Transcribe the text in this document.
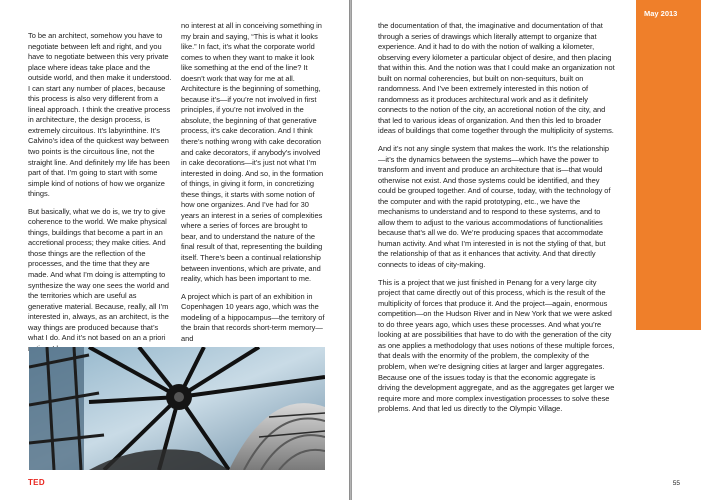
To be an architect, somehow you have to negotiate between left and right, and you have to negotiate between this very private place where ideas take place and the outside world, and then make it understood. I can start any number of places, because this process is also very different from a lineal approach. I think the creative process in architecture, the design process, is extremely circuitous. It’s labyrinthine. It’s Calvino’s idea of the quickest way between two points is the circuitous line, not the straight line. And definitely my life has been part of that. I’m going to start with some simple kind of notions of how we organize things.

But basically, what we do is, we try to give coherence to the world. We make physical things, buildings that become a part in an accretional process; they make cities. And those things are the reflection of the processes, and the time that they are made. And what I’m doing is attempting to synthesize the way one sees the world and the territories which are useful as generative material. Because, really, all I’m interested in, always, as an architect, is the way things are produced because that’s what I do. And it’s not based on an a priori

no interest at all in conceiving something in my brain and saying, “This is what it looks like.” In fact, it’s what the corporate world comes to when they want to make it look like something at the end of the line? It doesn’t work that way for me at all. Architecture is the beginning of something, because it’s—if you’re not involved in first principles, if you’re not involved in the absolute, the beginning of that generative process, it’s cake decoration. And I think there’s nothing wrong with cake decoration and cake decorators, if anybody’s involved in cake decorations—it’s just not what I’m interested in doing. And so, in the formation of things, in giving it form, in concretizing these things, it starts with some notion of how one organizes. And I’ve had for 30 years an interest in a series of complexities where a series of forces are brought to bear, and to understand the nature of the final result of that, representing the building itself. There’s been a continual relationship between inventions, which are private, and reality, which has been important to me.

A project which is part of an exhibition in Copenhagen 10 years ago, which was the modeling of a hippocampus—the territory of the brain that records short-term memory—and

TED

the documentation of that, the imaginative and documentation of that through a series of drawings which literally attempt to organize that experience. And it had to do with the notion of walking a kilometer, observing every kilometer a particular object of desire, and then placing that within this. And the notion was that I could make an organization not built on normal coherencies, but built on non-sequiturs, built on randomness. And I’ve been extremely interested in this notion of randomness as it produces architectural work and as it definitely connects to the notion of the city, an accretional notion of the city, and that led to various ideas of organization. And then this led to broader ideas of buildings that come together through the multiplicity of systems.

And it’s not any single system that makes the work. It’s the relationship—it’s the dynamics between the systems—which have the power to transform and invent and produce an architecture that is—that would otherwise not exist. And those systems could be identified, and they could be grouped together. And of course, today, with the technology of the computer and with the rapid prototyping, etc., we have the mechanisms to understand and to respond to these systems, and to allow them to adjust to the various accommodations of functionalities because that’s all we do. We’re producing spaces that accommodate human activity. And what I’m interested in is not the styling of that, but the relationship of that as it enhances that activity. And that directly connects to ideas of city-making.

This is a project that we just finished in Penang for a very large city project that came directly out of this process, which is the result of the multiplicity of forces that produce it. And the project—again, enormous competition—on the Hudson River and in New York that we were asked to do three years ago, which uses these processes. And what you’re looking at are possibilities that have to do with the generation of the city as one applies a methodology that uses notions of these multiple forces, that deals with the enormity of the problem, the complexity of the problem, when we’re designing cities at larger and larger aggregates. Because one of the issues today is that the economic aggregate is driving the development aggregate, and as the aggregates get larger we require more and more complex investigation processes to solve these problems. And that led us directly to the Olympic Village.

May 2013
55
